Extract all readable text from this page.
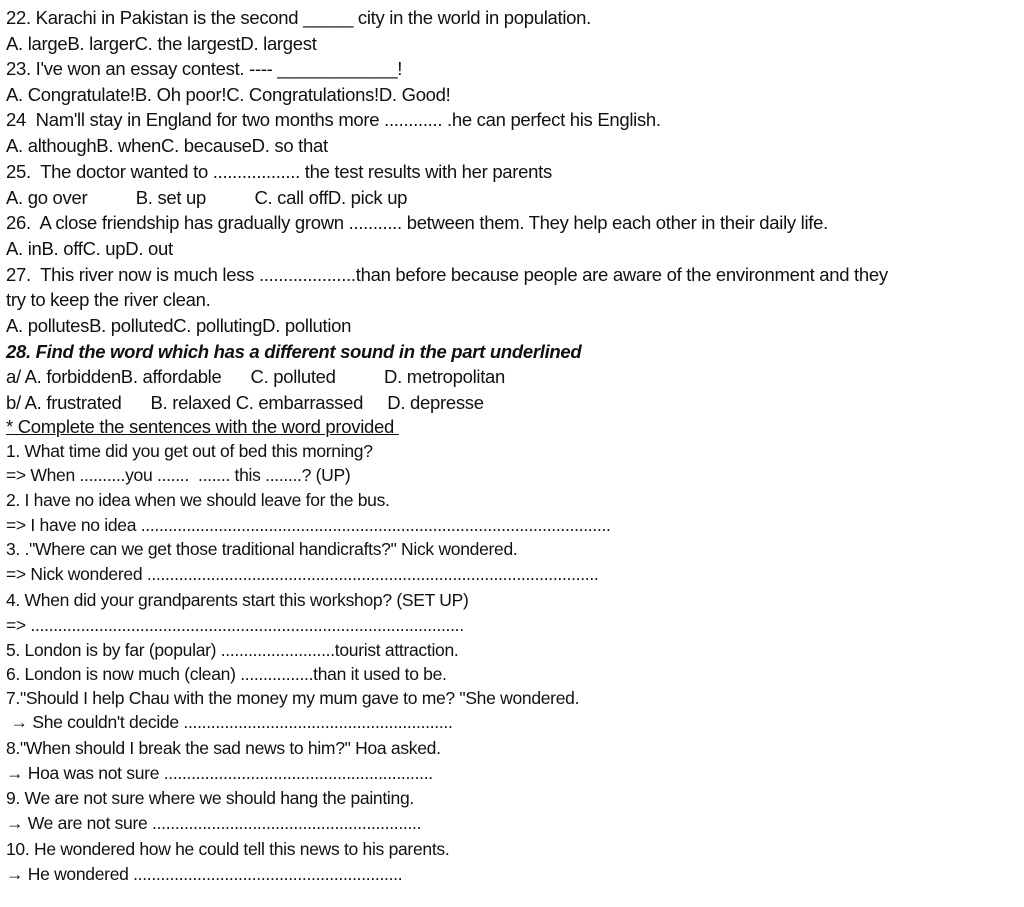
22. Karachi in Pakistan is the second _____ city in the world in population.
A. largeB. largerC. the largestD. largest
23. I've won an essay contest. ---- ____________!
A. Congratulate!B. Oh poor!C. Congratulations!D. Good!
24  Nam'll stay in England for two months more ............ .he can perfect his English.
A. althoughB. whenC. becauseD. so that
25.  The doctor wanted to .................. the test results with her parents
A. go over          B. set up          C. call offD. pick up
26.  A close friendship has gradually grown ........... between them. They help each other in their daily life.
A. inB. offC. upD. out
27.  This river now is much less ....................than before because people are aware of the environment and they
try to keep the river clean.
A. pollutesB. pollutedC. pollutingD. pollution
28. Find the word which has a different sound in the part underlined
a/ A. forbiddenB. affordable      C. polluted          D. metropolitan
b/ A. frustrated      B. relaxed C. embarrassed     D. depresse
* Complete the sentences with the word provided
1. What time did you get out of bed this morning?
=> When ..........you .......  ....... this ........? (UP)
2. I have no idea when we should leave for the bus.
=> I have no idea .......................................................................................................
3. ."Where can we get those traditional handicrafts?" Nick wondered.
=> Nick wondered ...................................................................................................
4. When did your grandparents start this workshop? (SET UP)
=> ...............................................................................................
5. London is by far (popular) .........................tourist attraction.
6. London is now much (clean) ................than it used to be.
7."Should I help Chau with the money my mum gave to me? "She wondered.
→ She couldn't decide ...........................................................
8."When should I break the sad news to him?" Hoa asked.
→ Hoa was not sure ...........................................................
9. We are not sure where we should hang the painting.
→ We are not sure ...........................................................
10. He wondered how he could tell this news to his parents.
→ He wondered ...........................................................
